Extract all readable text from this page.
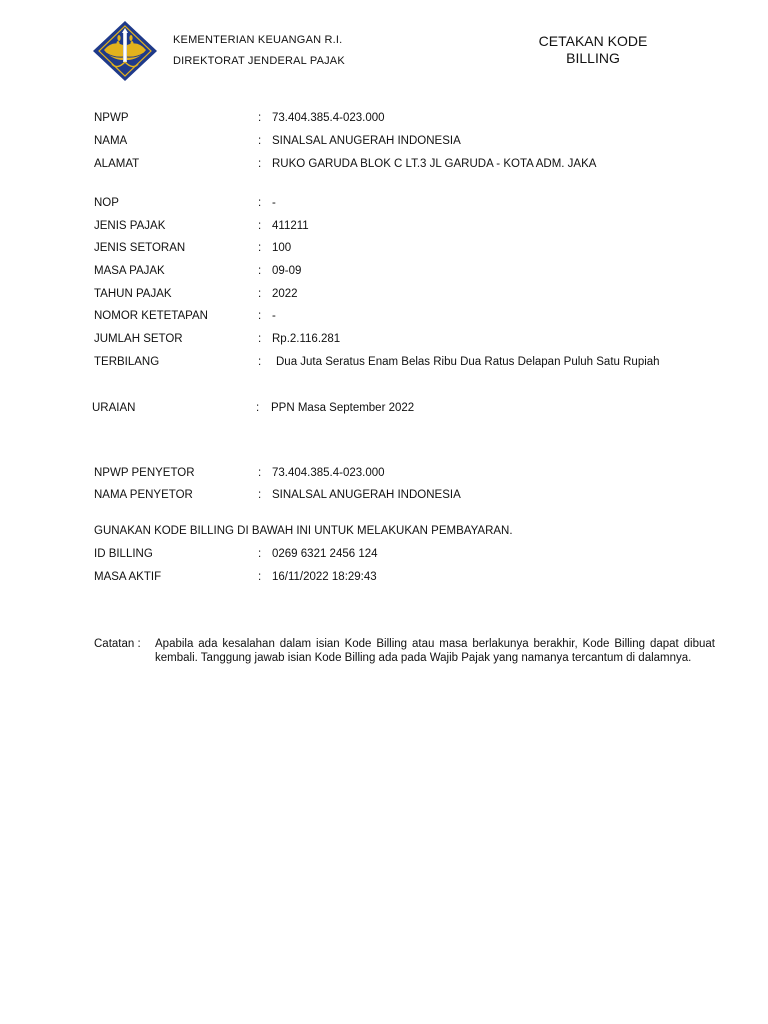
KEMENTERIAN KEUANGAN R.I.
DIREKTORAT JENDERAL PAJAK
CETAKAN KODE BILLING
NPWP	: 73.404.385.4-023.000
NAMA	: SINALSAL ANUGERAH INDONESIA
ALAMAT	: RUKO GARUDA BLOK C LT.3 JL GARUDA - KOTA ADM. JAKA
NOP	: -
JENIS PAJAK	: 411211
JENIS SETORAN	: 100
MASA PAJAK	: 09-09
TAHUN PAJAK	: 2022
NOMOR KETETAPAN	: -
JUMLAH SETOR	: Rp.2.116.281
TERBILANG	: Dua Juta Seratus Enam Belas Ribu Dua Ratus Delapan Puluh Satu Rupiah
URAIAN	: PPN Masa September 2022
NPWP PENYETOR	: 73.404.385.4-023.000
NAMA PENYETOR	: SINALSAL ANUGERAH INDONESIA
GUNAKAN KODE BILLING DI BAWAH INI UNTUK MELAKUKAN PEMBAYARAN.
ID BILLING	: 0269 6321 2456 124
MASA AKTIF	: 16/11/2022 18:29:43
Catatan : Apabila ada kesalahan dalam isian Kode Billing atau masa berlakunya berakhir, Kode Billing dapat dibuat kembali. Tanggung jawab isian Kode Billing ada pada Wajib Pajak yang namanya tercantum di dalamnya.
